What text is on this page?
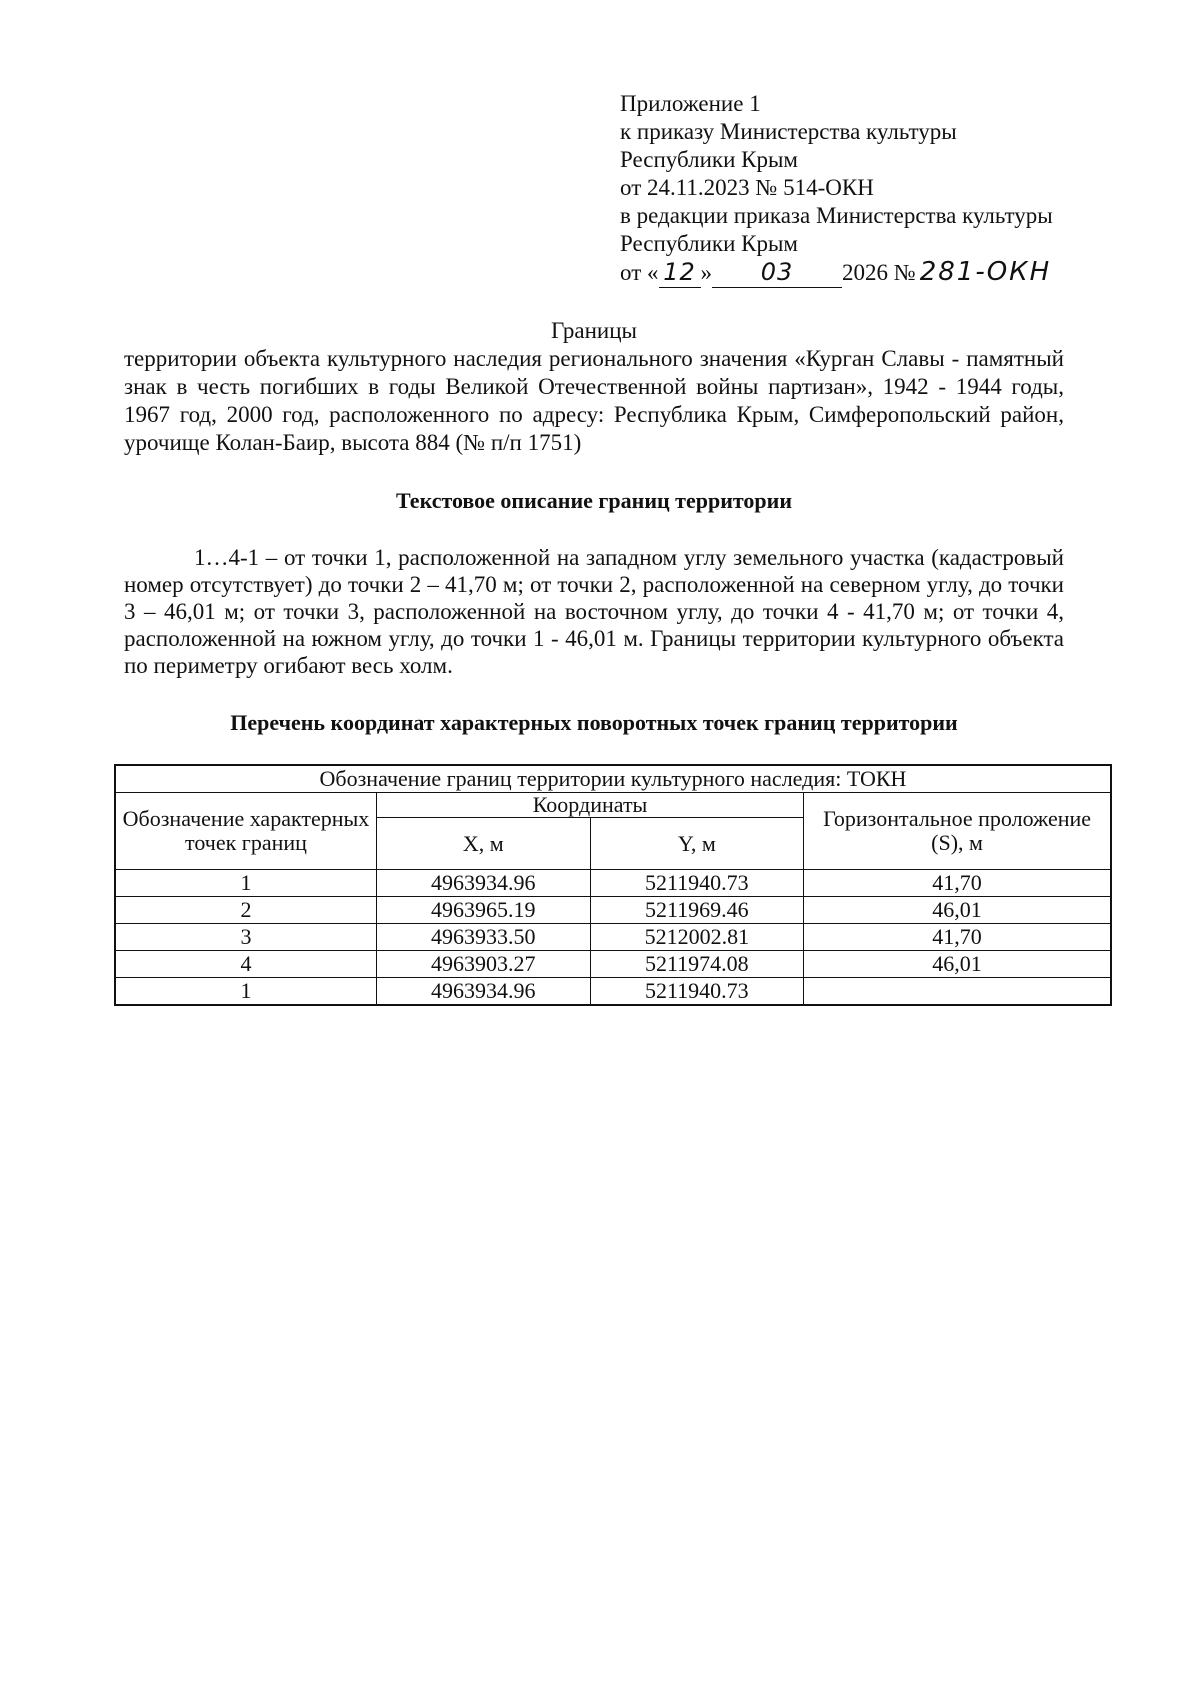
Приложение 1
к приказу Министерства культуры
Республики Крым
от 24.11.2023 № 514-ОКН
в редакции приказа Министерства культуры
Республики Крым
от « 12 » 03 2026 № 281-ОКН
Границы
территории объекта культурного наследия регионального значения «Курган Славы - памятный знак в честь погибших в годы Великой Отечественной войны партизан», 1942 - 1944 годы, 1967 год, 2000 год, расположенного по адресу: Республика Крым, Симферопольский район, урочище Колан-Баир, высота 884 (№ п/п 1751)
Текстовое описание границ территории
1…4-1 – от точки 1, расположенной на западном углу земельного участка (кадастровый номер отсутствует) до точки 2 – 41,70 м; от точки 2, расположенной на северном углу, до точки 3 – 46,01 м; от точки 3, расположенной на восточном углу, до точки 4 - 41,70 м; от точки 4, расположенной на южном углу, до точки 1 - 46,01 м. Границы территории культурного объекта по периметру огибают весь холм.
Перечень координат характерных поворотных точек границ территории
Обозначение границ территории культурного наследия: ТОКН			
Обозначение характерных точек границ	Координаты		Горизонтальное проложение (S), м
	X, м	Y, м	
1	4963934.96	5211940.73	41,70
2	4963965.19	5211969.46	46,01
3	4963933.50	5212002.81	41,70
4	4963903.27	5211974.08	46,01
1	4963934.96	5211940.73	
